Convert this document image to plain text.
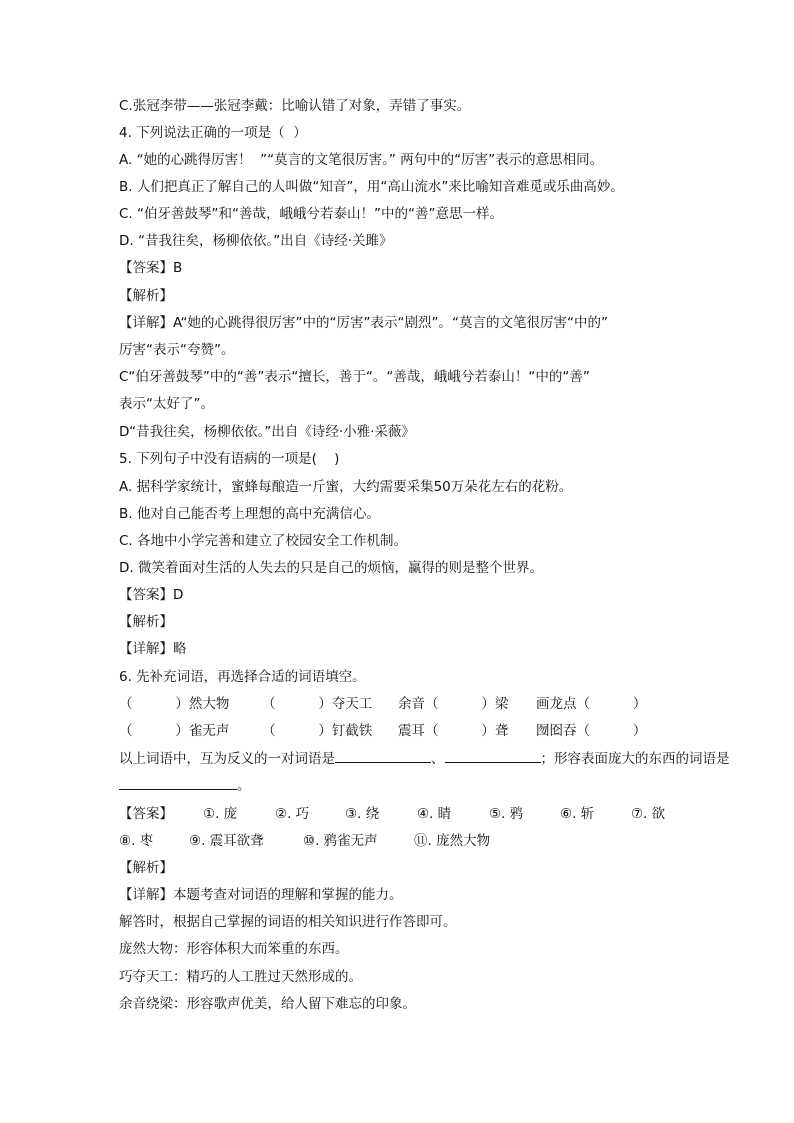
C.张冠李带——张冠李戴：比喻认错了对象，弄错了事实。
4. 下列说法正确的一项是（  ）
A. “她的心跳得厉害！  ”“莫言的文笔很厉害。” 两句中的“厉害”表示的意思相同。
B. 人们把真正了解自己的人叫做“知音”，用“高山流水”来比喻知音难觅或乐曲高妙。
C. “伯牙善鼓琴”和“善哉，峨峨兮若泰山！”中的“善”意思一样。
D. “昔我往矣，杨柳依依。”出自《诗经·关雎》
【答案】B
【解析】
【详解】A“她的心跳得很厉害”中的“厉害”表示“剧烈”。“莫言的文笔很厉害“中的”
厉害“表示“夸赞”。
C“伯牙善鼓琴”中的“善”表示“擅长，善于“。“善哉，峨峨兮若泰山！“中的“善”
表示“太好了”。
D“昔我往矣，杨柳依依。”出自《诗经·小雅·采薇》
5. 下列句子中没有语病的一项是(    )
A. 据科学家统计，蜜蜂每酿造一斤蜜，大约需要采集50万朵花左右的花粉。
B. 他对自己能否考上理想的高中充满信心。
C. 各地中小学完善和建立了校园安全工作机制。
D. 微笑着面对生活的人失去的只是自己的烦恼，赢得的则是整个世界。
【答案】D
【解析】
【详解】略
6. 先补充词语，再选择合适的词语填空。
（          ）然大物 （          ）夺天工 余音（          ）梁 画龙点（          ）
（          ）雀无声 （          ）钉截铁 震耳（          ）聋 囫囵吞（          ）
以上词语中，互为反义的一对词语是	、	；形容表面庞大的东西的词语是
。
【答案】 ①. 庞	②. 巧	③. 绕	④. 睛	⑤. 鸦	⑥. 斩	⑦. 欲
⑧. 枣	⑨. 震耳欲聋	⑩. 鸦雀无声	⑪. 庞然大物
【解析】
【详解】本题考查对词语的理解和掌握的能力。
解答时，根据自己掌握的词语的相关知识进行作答即可。
庞然大物：形容体积大而笨重的东西。
巧夺天工：精巧的人工胜过天然形成的。
余音绕梁：形容歌声优美，给人留下难忘的印象。
